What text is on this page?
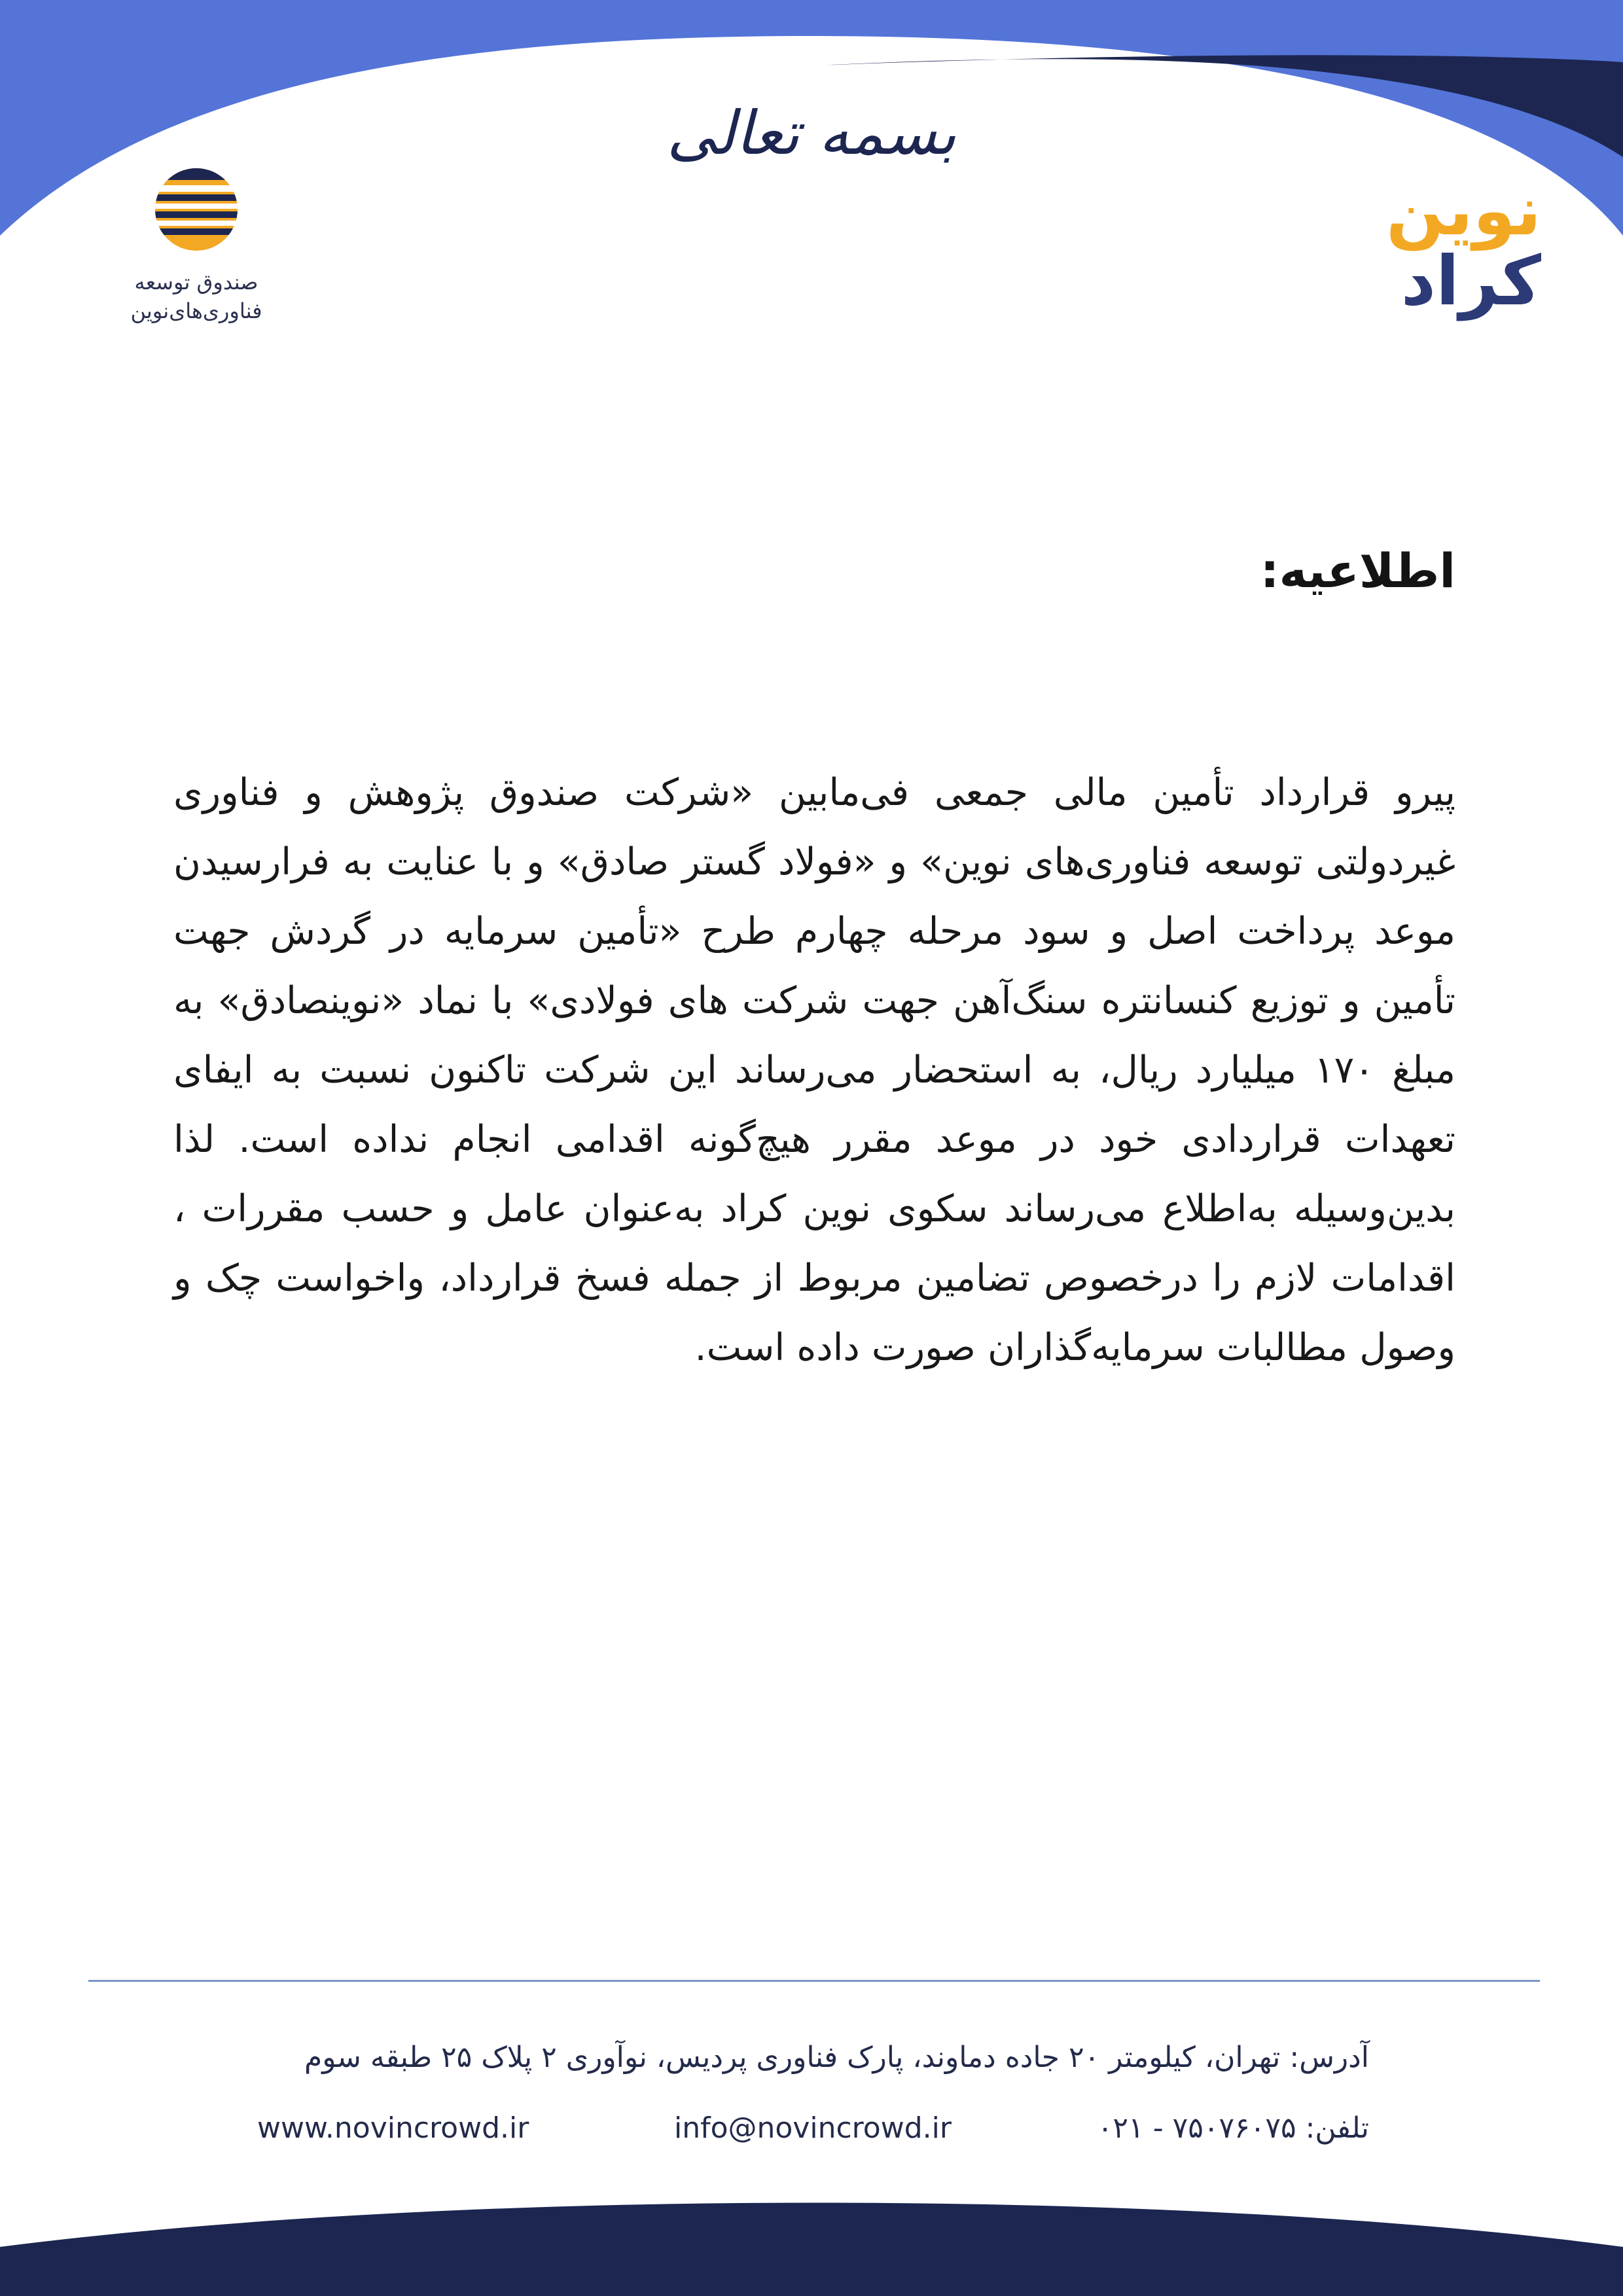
بسمه تعالی
صندوق توسعه
فناوری‌های‌نوین
نوین
کراد
اطلاعیه:

پیرو قرارداد تأمین مالی جمعی فی‌مابین «شرکت صندوق پژوهش و فناوری غیردولتی توسعه فناوری‌های نوین» و «فولاد گستر صادق» و با عنایت به فرارسیدن موعد پرداخت اصل و سود مرحله چهارم طرح «تأمین سرمایه در گردش جهت تأمین و توزیع کنسانتره سنگ‌آهن جهت شرکت های فولادی» با نماد «نوینصادق» به مبلغ ۱۷۰ میلیارد ریال، به استحضار می‌رساند این شرکت تاکنون نسبت به ایفای تعهدات قراردادی خود در موعد مقرر هیچ‌گونه اقدامی انجام نداده است. لذا بدین‌وسیله به‌اطلاع می‌رساند سکوی نوین کراد به‌عنوان عامل و حسب مقررات ، اقدامات لازم را درخصوص تضامین مربوط از جمله فسخ قرارداد، واخواست چک و وصول مطالبات سرمایه‌گذاران صورت داده است.

آدرس: تهران، کیلومتر ۲۰ جاده دماوند، پارک فناوری پردیس، نوآوری ۲ پلاک ۲۵ طبقه سوم
تلفن: ۷۵۰۷۶۰۷۵ - ۰۲۱
info@novincrowd.ir
www.novincrowd.ir
